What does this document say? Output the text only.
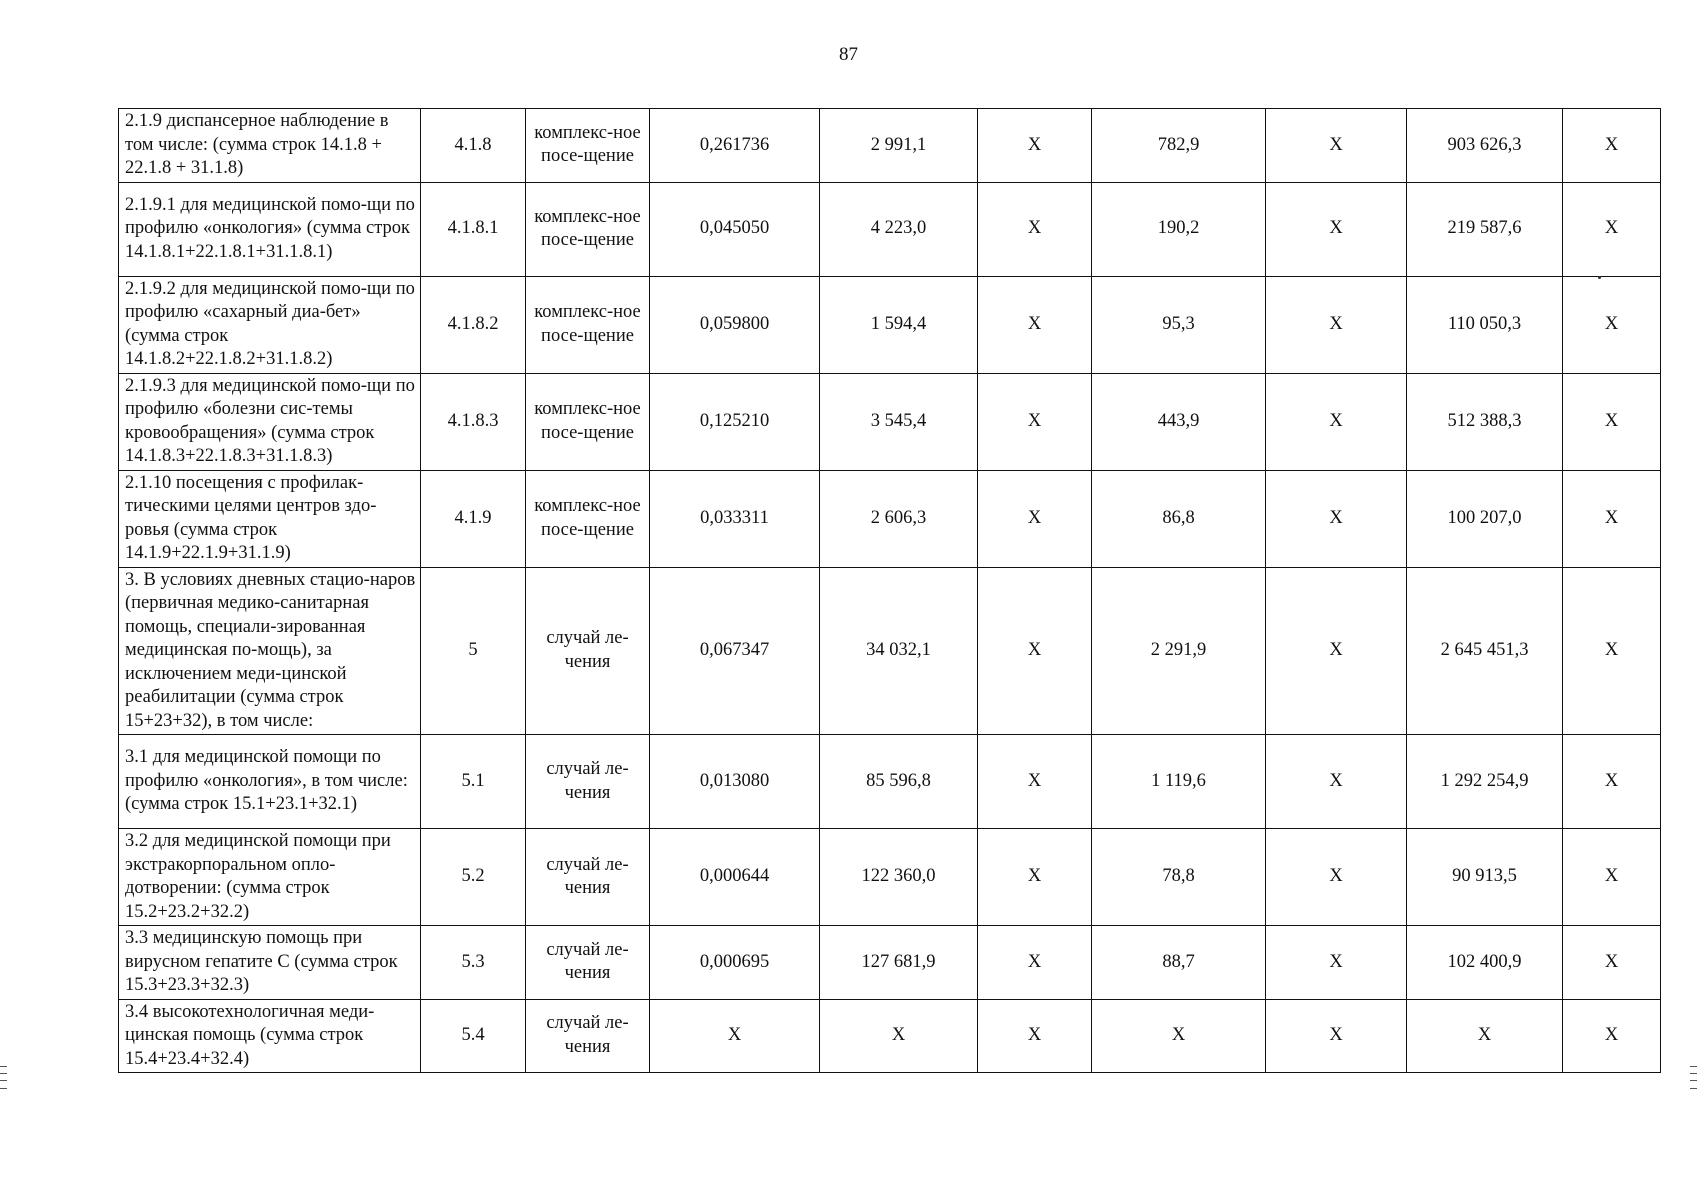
87
2.1.9 диспансерное наблюдение в том числе: (сумма строк 14.1.8 + 22.1.8 + 31.1.8)	4.1.8	комплекс-ное посе-щение	0,261736	2 991,1	Х	782,9	Х	903 626,3	Х
2.1.9.1 для медицинской помо-щи по профилю «онкология» (сумма строк 14.1.8.1+22.1.8.1+31.1.8.1)	4.1.8.1	комплекс-ное посе-щение	0,045050	4 223,0	Х	190,2	Х	219 587,6	Х
2.1.9.2 для медицинской помо-щи по профилю «сахарный диа-бет» (сумма строк 14.1.8.2+22.1.8.2+31.1.8.2)	4.1.8.2	комплекс-ное посе-щение	0,059800	1 594,4	Х	95,3	Х	110 050,3	Х
2.1.9.3 для медицинской помо-щи по профилю «болезни сис-темы кровообращения» (сумма строк 14.1.8.3+22.1.8.3+31.1.8.3)	4.1.8.3	комплекс-ное посе-щение	0,125210	3 545,4	Х	443,9	Х	512 388,3	Х
2.1.10 посещения с профилак-тическими целями центров здо-ровья (сумма строк 14.1.9+22.1.9+31.1.9)	4.1.9	комплекс-ное посе-щение	0,033311	2 606,3	Х	86,8	Х	100 207,0	Х
3. В условиях дневных стацио-наров (первичная медико-санитарная помощь, специали-зированная медицинская по-мощь), за исключением меди-цинской реабилитации (сумма строк 15+23+32), в том числе:	5	случай ле-чения	0,067347	34 032,1	Х	2 291,9	Х	2 645 451,3	Х
3.1 для медицинской помощи по профилю «онкология», в том числе: (сумма строк 15.1+23.1+32.1)	5.1	случай ле-чения	0,013080	85 596,8	Х	1 119,6	Х	1 292 254,9	Х
3.2 для медицинской помощи при экстракорпоральном опло-дотворении: (сумма строк 15.2+23.2+32.2)	5.2	случай ле-чения	0,000644	122 360,0	Х	78,8	Х	90 913,5	Х
3.3 медицинскую помощь при вирусном гепатите С (сумма строк 15.3+23.3+32.3)	5.3	случай ле-чения	0,000695	127 681,9	Х	88,7	Х	102 400,9	Х
3.4 высокотехнологичная меди-цинская помощь (сумма строк 15.4+23.4+32.4)	5.4	случай ле-чения	Х	Х	Х	Х	Х	Х	Х
